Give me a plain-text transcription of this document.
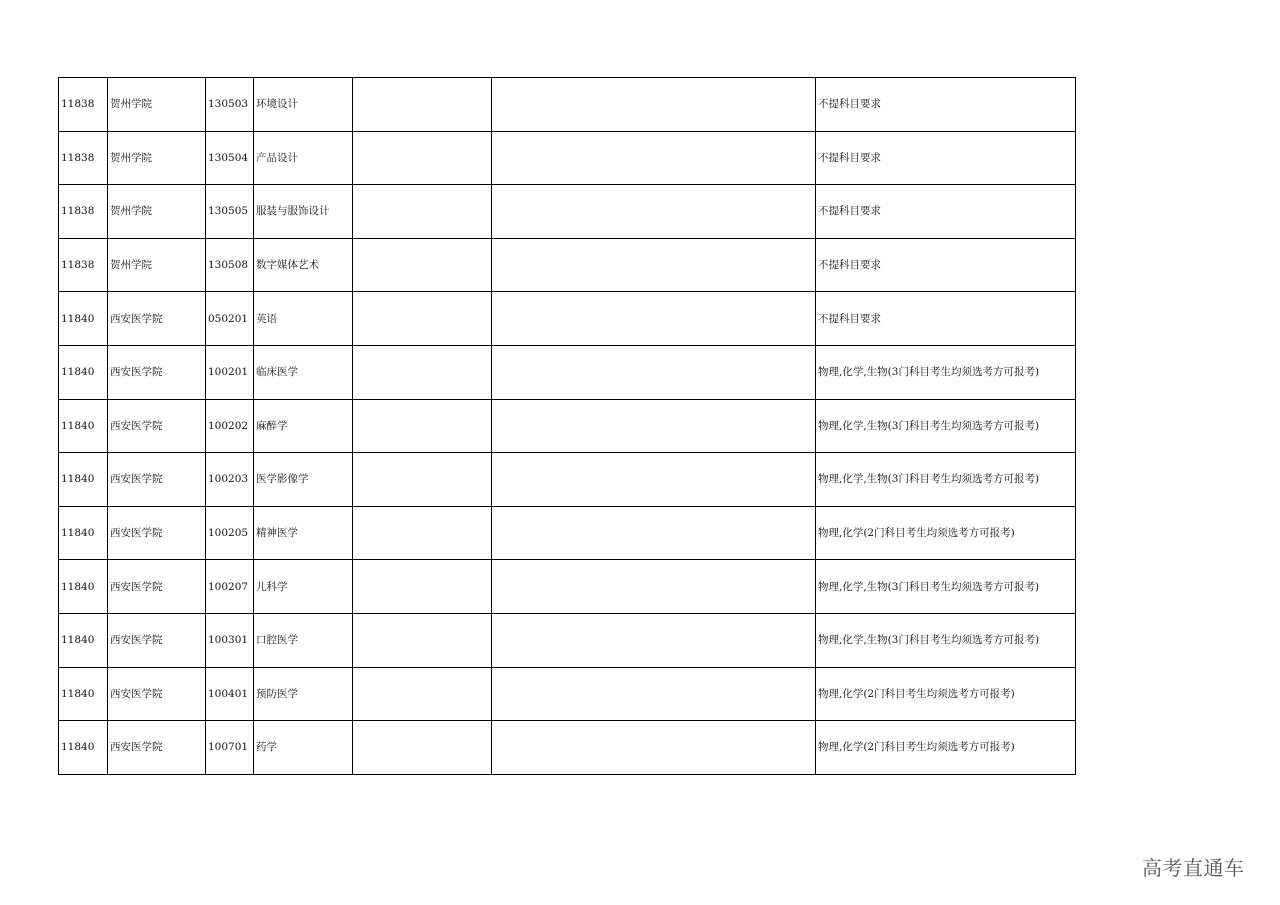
11838	贺州学院	130503	环境设计			不提科目要求
11838	贺州学院	130504	产品设计			不提科目要求
11838	贺州学院	130505	服装与服饰设计			不提科目要求
11838	贺州学院	130508	数字媒体艺术			不提科目要求
11840	西安医学院	050201	英语			不提科目要求
11840	西安医学院	100201	临床医学			物理,化学,生物(3门科目考生均须选考方可报考)
11840	西安医学院	100202	麻醉学			物理,化学,生物(3门科目考生均须选考方可报考)
11840	西安医学院	100203	医学影像学			物理,化学,生物(3门科目考生均须选考方可报考)
11840	西安医学院	100205	精神医学			物理,化学(2门科目考生均须选考方可报考)
11840	西安医学院	100207	儿科学			物理,化学,生物(3门科目考生均须选考方可报考)
11840	西安医学院	100301	口腔医学			物理,化学,生物(3门科目考生均须选考方可报考)
11840	西安医学院	100401	预防医学			物理,化学(2门科目考生均须选考方可报考)
11840	西安医学院	100701	药学			物理,化学(2门科目考生均须选考方可报考)
高考直通车
